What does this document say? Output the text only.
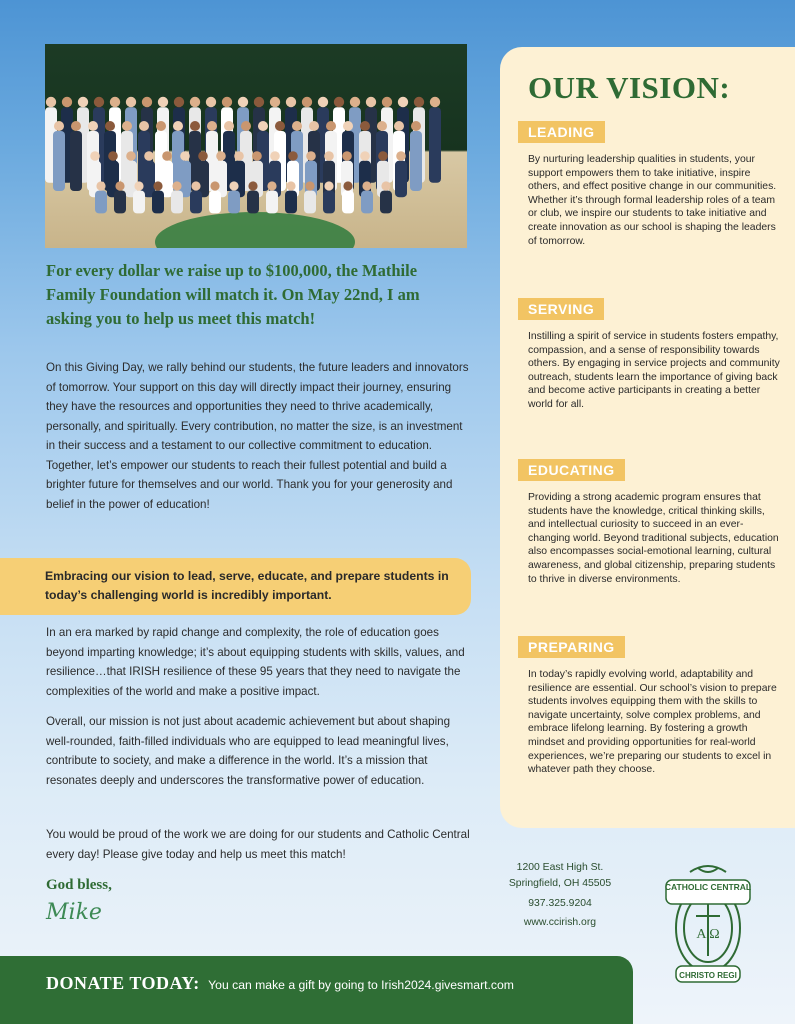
For every dollar we raise up to $100,000, the Mathile Family Foundation will match it. On May 22nd, I am asking you to help us meet this match!

On this Giving Day, we rally behind our students, the future leaders and innovators of tomorrow. Your support on this day will directly impact their journey, ensuring they have the resources and opportunities they need to thrive academically, personally, and spiritually. Every contribution, no matter the size, is an investment in their success and a testament to our collective commitment to education. Together, let’s empower our students to reach their fullest potential and build a brighter future for themselves and our world. Thank you for your generosity and belief in the power of education!

Embracing our vision to lead, serve, educate, and prepare students in today’s challenging world is incredibly important.

In an era marked by rapid change and complexity, the role of education goes beyond imparting knowledge; it’s about equipping students with skills, values, and resilience…that IRISH resilience of these 95 years that they need to navigate the complexities of the world and make a positive impact.

Overall, our mission is not just about academic achievement but about shaping well-rounded, faith-filled individuals who are equipped to lead meaningful lives, contribute to society, and make a difference in the world. It’s a mission that resonates deeply and underscores the transformative power of education.

You would be proud of the work we are doing for our students and Catholic Central every day! Please give today and help us meet this match!

God bless,
Mike
OUR VISION:
LEADING

By nurturing leadership qualities in students, your support empowers them to take initiative, inspire others, and effect positive change in our communities. Whether it’s through formal leadership roles of a team or club, we inspire our students to take initiative and create innovation as our school is shaping the leaders of tomorrow.

SERVING

Instilling a spirit of service in students fosters empathy, compassion, and a sense of responsibility towards others. By engaging in service projects and community outreach, students learn the importance of giving back and become active participants in creating a better world for all.

EDUCATING

Providing a strong academic program ensures that students have the knowledge, critical thinking skills, and intellectual curiosity to succeed in an ever-changing world. Beyond traditional subjects, education also encompasses social-emotional learning, cultural awareness, and global citizenship, preparing students to thrive in diverse environments.

PREPARING

In today’s rapidly evolving world, adaptability and resilience are essential. Our school’s vision to prepare students involves equipping them with the skills to navigate uncertainty, solve complex problems, and embrace lifelong learning. By fostering a growth mindset and providing opportunities for real-world experiences, we’re preparing our students to excel in whatever path they choose.

1200 East High St.
Springfield, OH 45505
937.325.9204
www.ccirish.org
CATHOLIC CENTRAL
A Ω
CHRISTO REGI
DONATE TODAY: You can make a gift by going to Irish2024.givesmart.com
